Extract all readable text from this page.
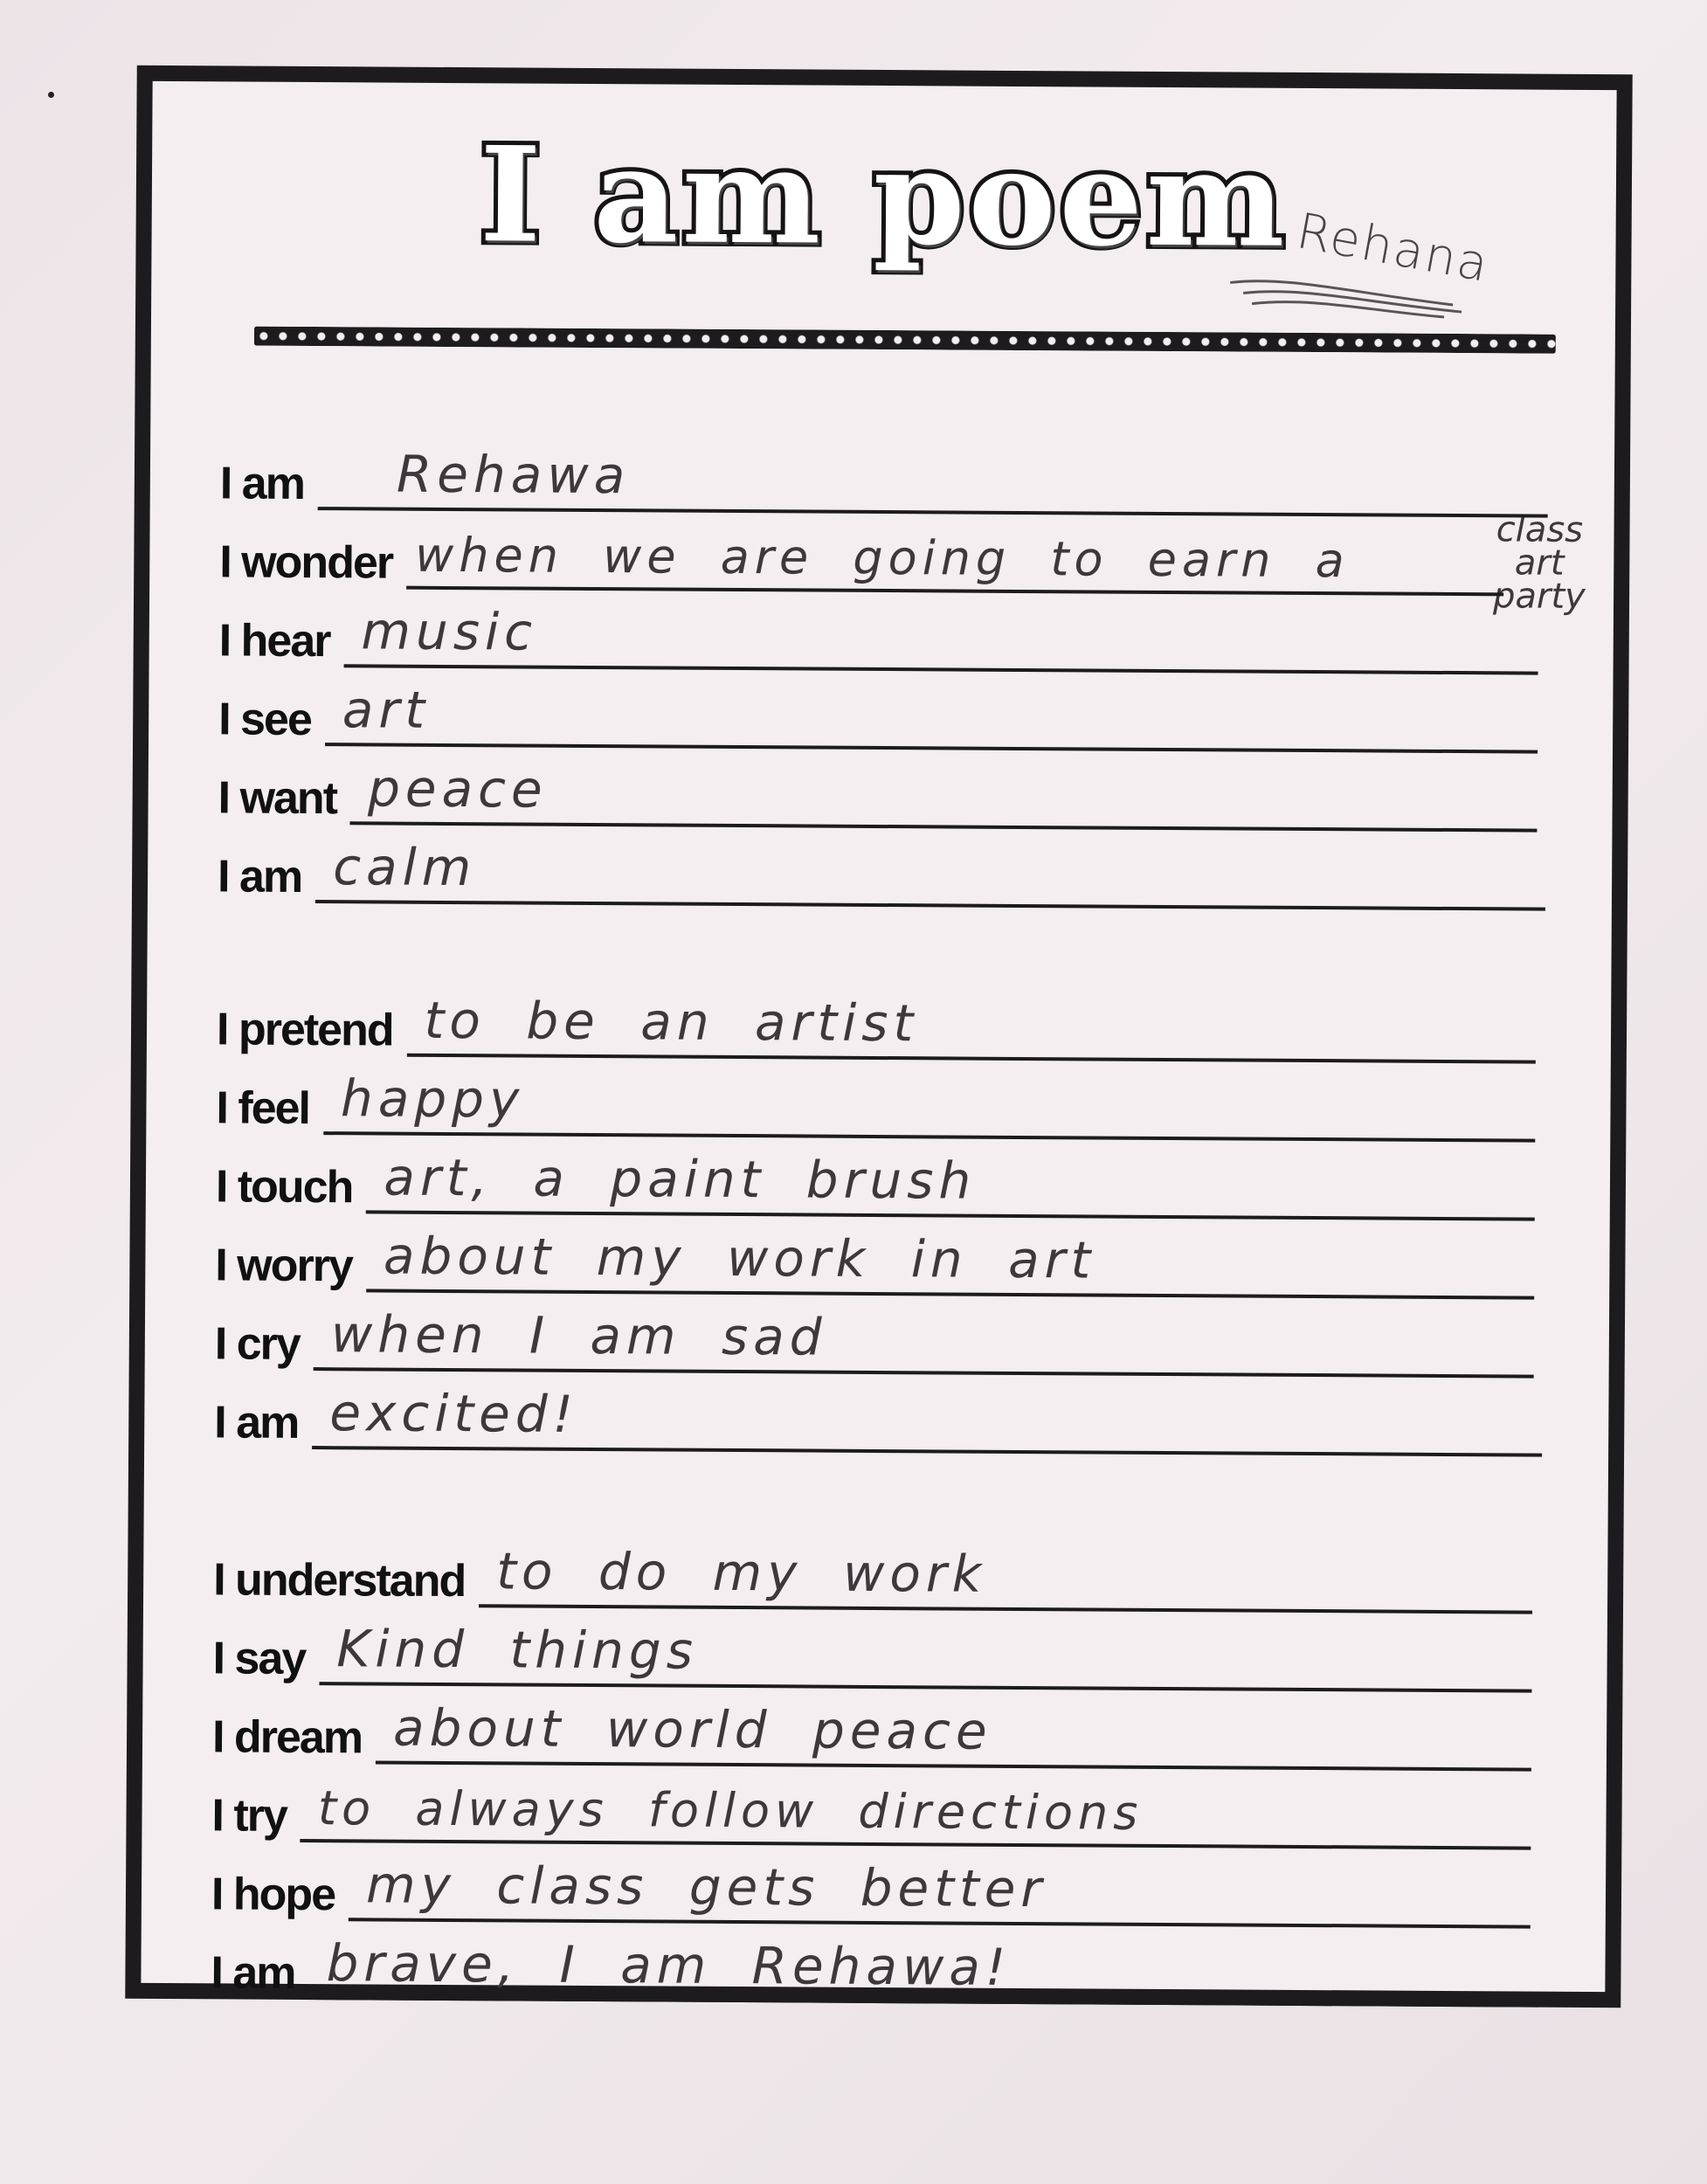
I am poem Rehana
class
art
party
I am Rehawa
I wonder when we are going to earn a
I hear music
I see art
I want peace
I am calm
I pretend to be an artist
I feel happy
I touch art, a paint brush
I worry about my work in art
I cry when I am sad
I am excited!
I understand to do my work
I say Kind things
I dream about world peace
I try to always follow directions
I hope my class gets better
I am brave, I am Rehawa!
